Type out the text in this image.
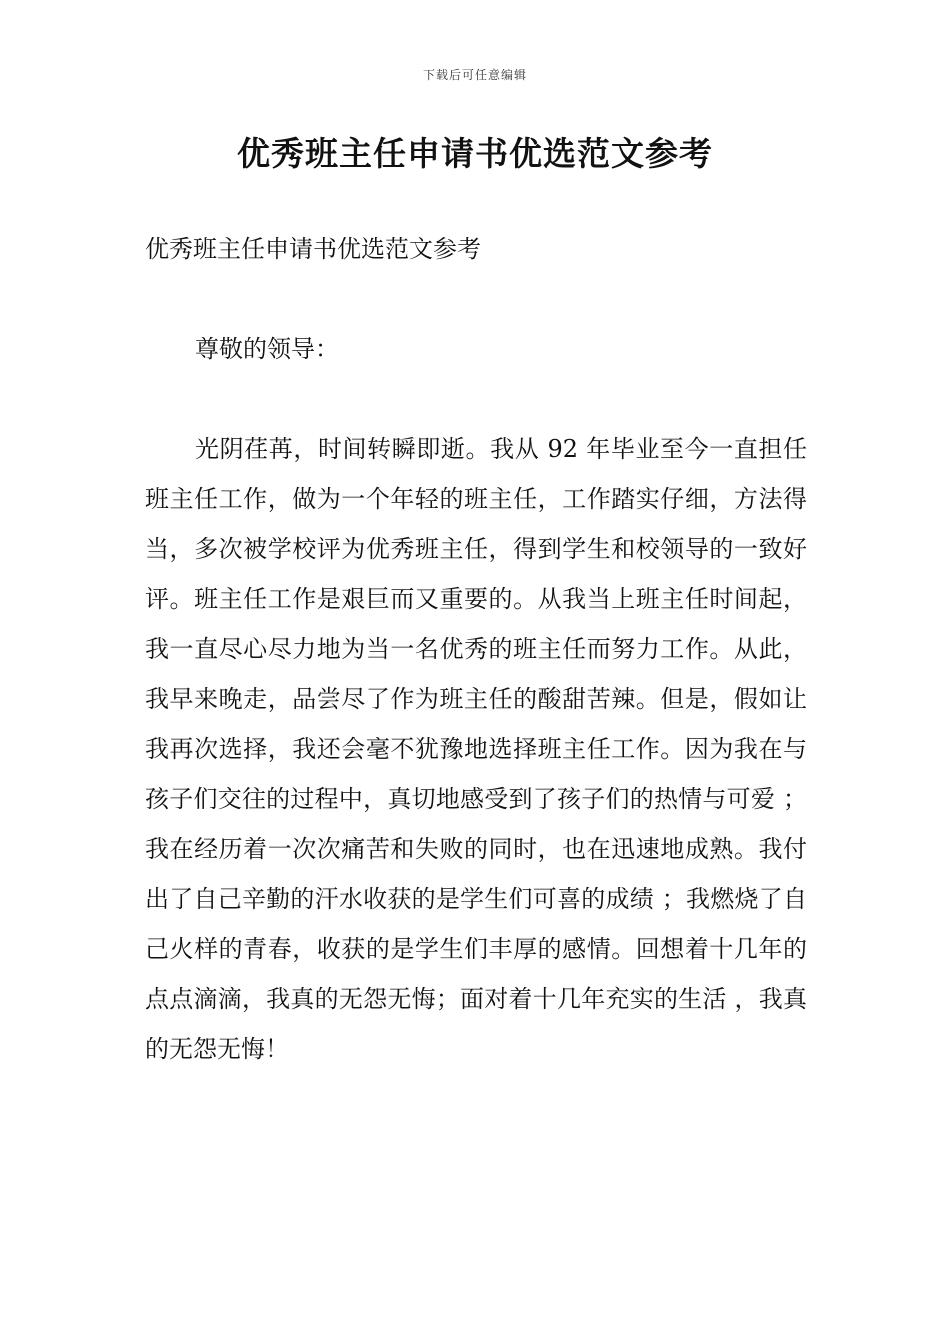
下载后可任意编辑
优秀班主任申请书优选范文参考

优秀班主任申请书优选范文参考

尊敬的领导：

光阴荏苒，时间转瞬即逝。我从 92 年毕业至今一直担任班主任工作，做为一个年轻的班主任，工作踏实仔细，方法得当，多次被学校评为优秀班主任，得到学生和校领导的一致好评。班主任工作是艰巨而又重要的。从我当上班主任时间起，我一直尽心尽力地为当一名优秀的班主任而努力工作。从此，我早来晚走，品尝尽了作为班主任的酸甜苦辣。但是，假如让我再次选择，我还会毫不犹豫地选择班主任工作。因为我在与孩子们交往的过程中，真切地感受到了孩子们的热情与可爱 ；我在经历着一次次痛苦和失败的同时，也在迅速地成熟。我付出了自己辛勤的汗水收获的是学生们可喜的成绩 ；我燃烧了自己火样的青春，收获的是学生们丰厚的感情。回想着十几年的点点滴滴，我真的无怨无悔；面对着十几年充实的生活 ，我真的无怨无悔！
